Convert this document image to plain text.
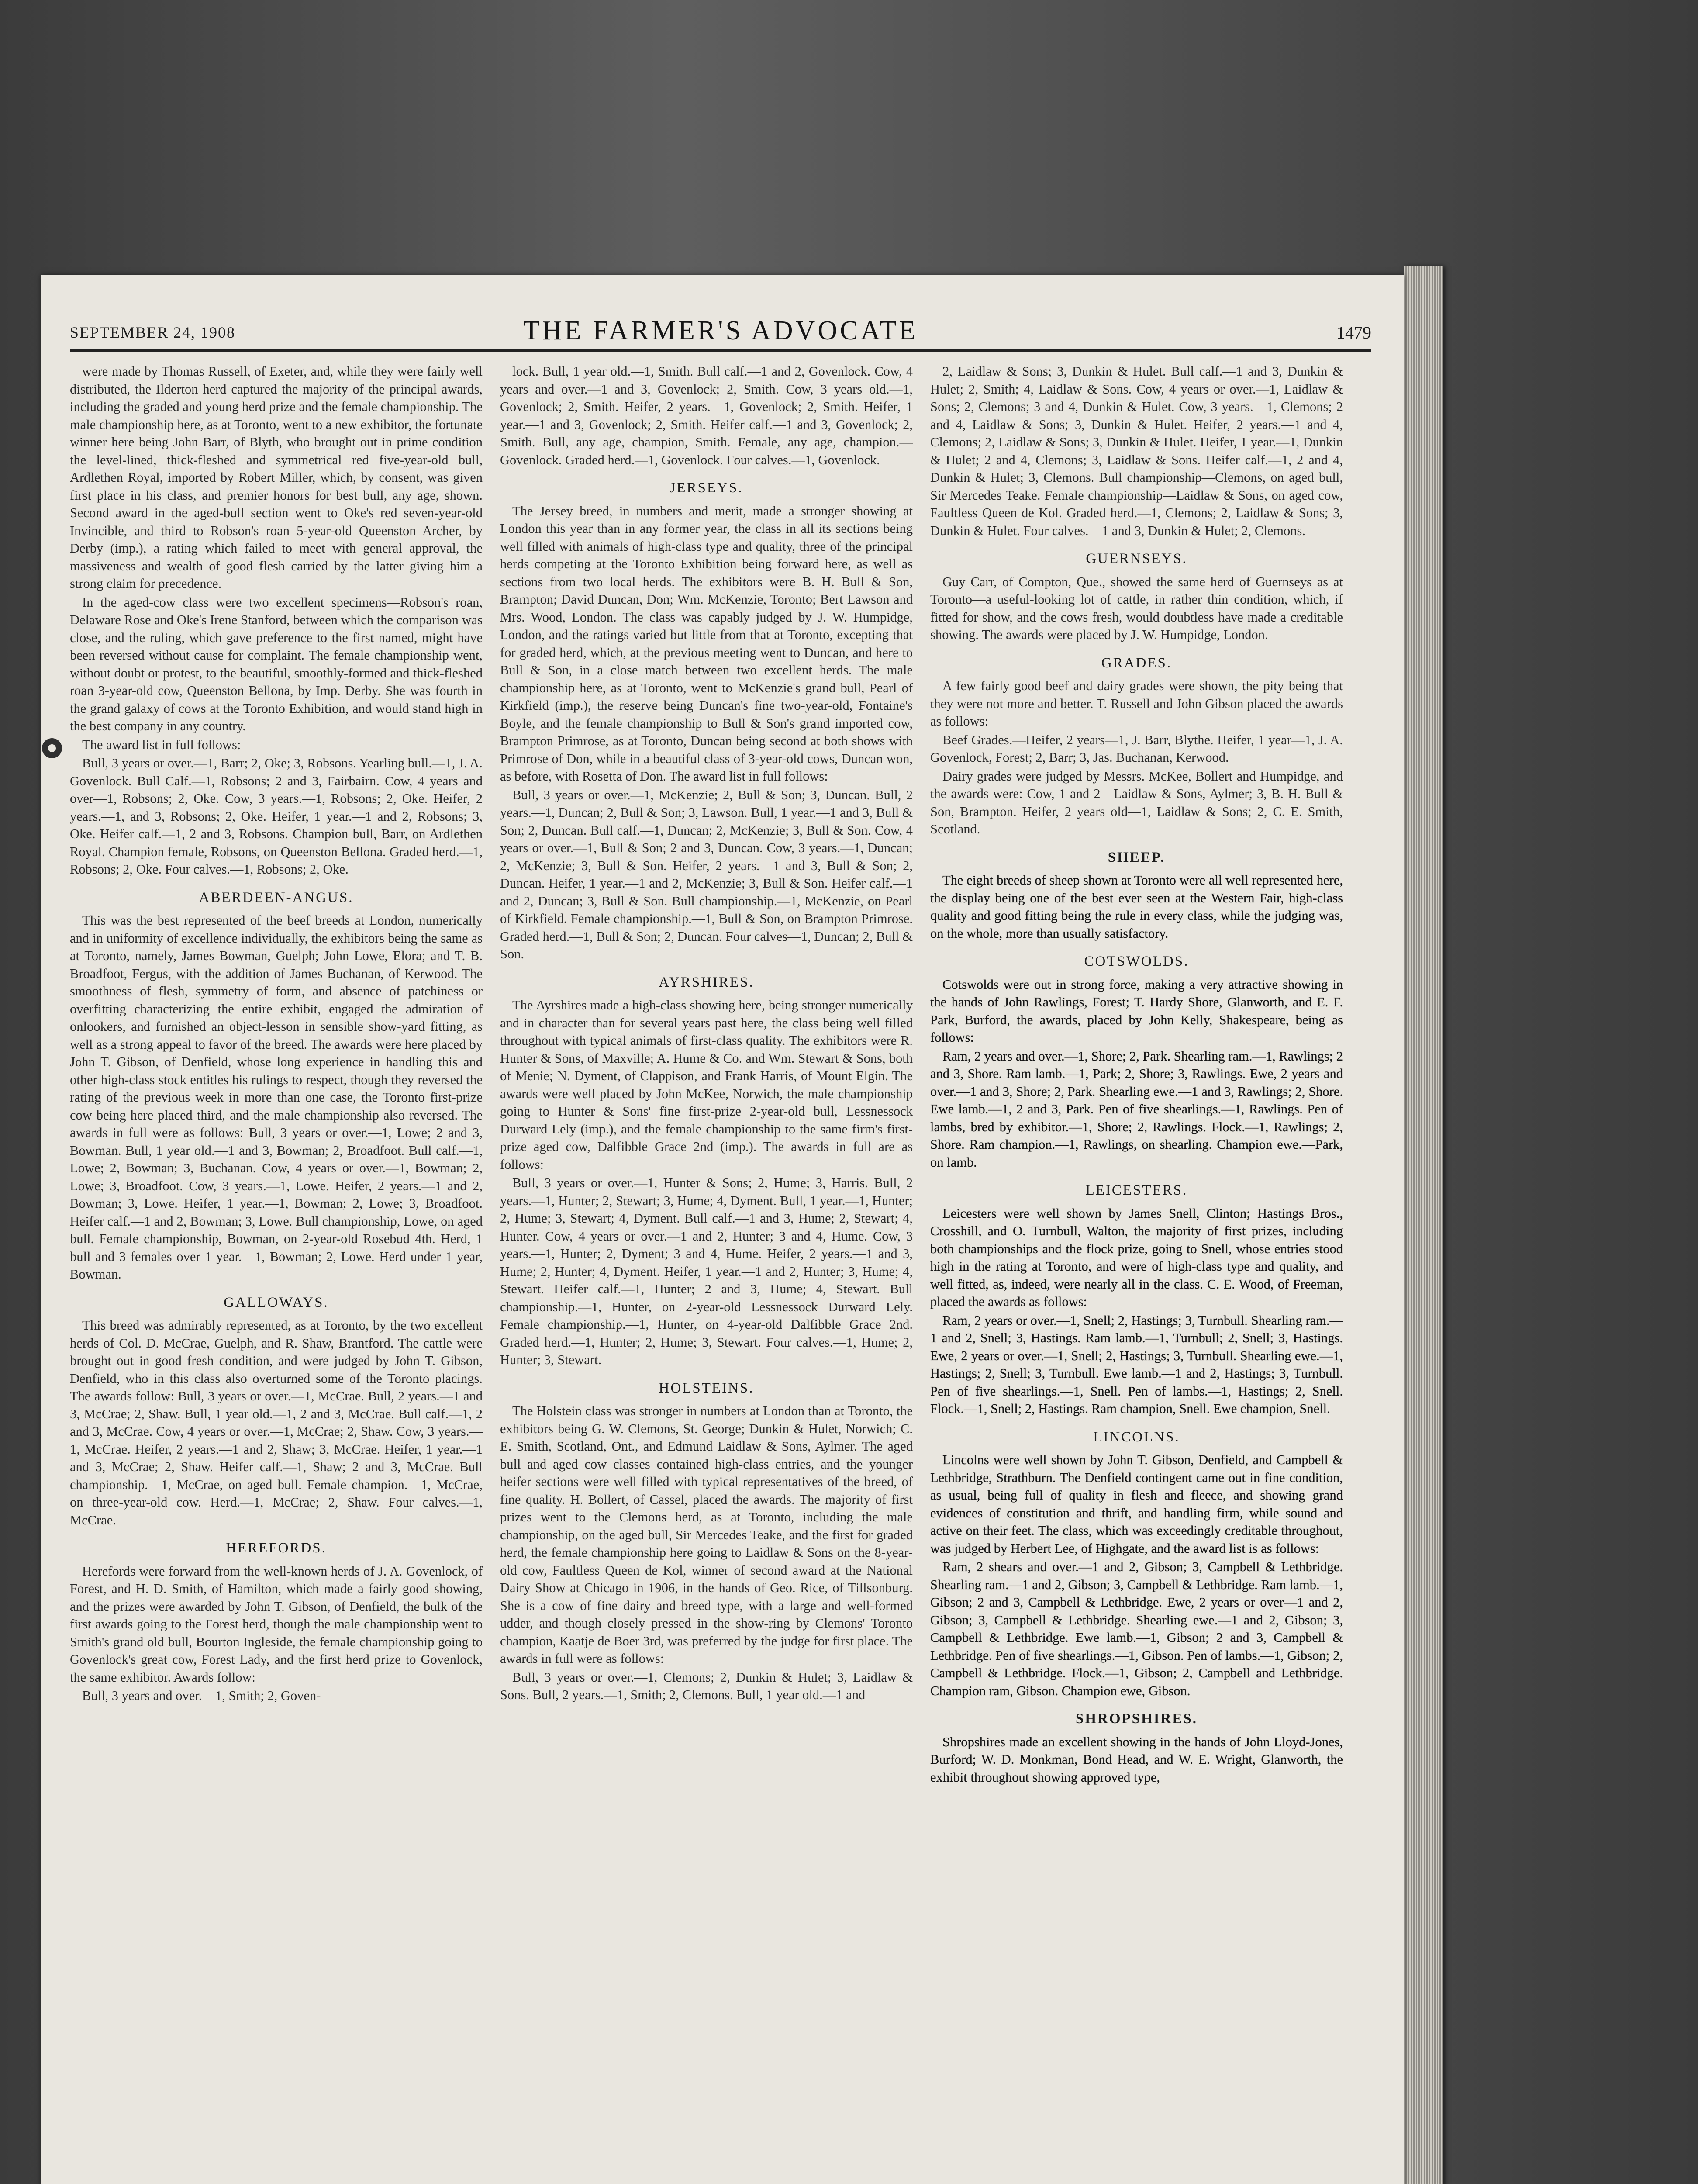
SEPTEMBER 24, 1908	THE FARMER'S ADVOCATE	1479

were made by Thomas Russell, of Exeter, and, while they were fairly well distributed, the Ilderton herd captured the majority of the principal awards, including the graded and young herd prize and the female championship. The male championship here, as at Toronto, went to a new exhibitor, the fortunate winner here being John Barr, of Blyth, who brought out in prime condition the level-lined, thick-fleshed and symmetrical red five-year-old bull, Ardlethen Royal, imported by Robert Miller, which, by consent, was given first place in his class, and premier honors for best bull, any age, shown. Second award in the aged-bull section went to Oke's red seven-year-old Invincible, and third to Robson's roan 5-year-old Queenston Archer, by Derby (imp.), a rating which failed to meet with general approval, the massiveness and wealth of good flesh carried by the latter giving him a strong claim for precedence.

In the aged-cow class were two excellent specimens—Robson's roan, Delaware Rose and Oke's Irene Stanford, between which the comparison was close, and the ruling, which gave preference to the first named, might have been reversed without cause for complaint. The female championship went, without doubt or protest, to the beautiful, smoothly-formed and thick-fleshed roan 3-year-old cow, Queenston Bellona, by Imp. Derby. She was fourth in the grand galaxy of cows at the Toronto Exhibition, and would stand high in the best company in any country.

The award list in full follows:

Bull, 3 years or over.—1, Barr; 2, Oke; 3, Robsons. Yearling bull.—1, J. A. Govenlock. Bull Calf.—1, Robsons; 2 and 3, Fairbairn. Cow, 4 years and over—1, Robsons; 2, Oke. Cow, 3 years.—1, Robsons; 2, Oke. Heifer, 2 years.—1, and 3, Robsons; 2, Oke. Heifer, 1 year.—1 and 2, Robsons; 3, Oke. Heifer calf.—1, 2 and 3, Robsons. Champion bull, Barr, on Ardlethen Royal. Champion female, Robsons, on Queenston Bellona. Graded herd.—1, Robsons; 2, Oke. Four calves.—1, Robsons; 2, Oke.

ABERDEEN-ANGUS.

This was the best represented of the beef breeds at London, numerically and in uniformity of excellence individually, the exhibitors being the same as at Toronto, namely, James Bowman, Guelph; John Lowe, Elora; and T. B. Broadfoot, Fergus, with the addition of James Buchanan, of Kerwood. The smoothness of flesh, symmetry of form, and absence of patchiness or overfitting characterizing the entire exhibit, engaged the admiration of onlookers, and furnished an object-lesson in sensible show-yard fitting, as well as a strong appeal to favor of the breed. The awards were here placed by John T. Gibson, of Denfield, whose long experience in handling this and other high-class stock entitles his rulings to respect, though they reversed the rating of the previous week in more than one case, the Toronto first-prize cow being here placed third, and the male championship also reversed. The awards in full were as follows: Bull, 3 years or over.—1, Lowe; 2 and 3, Bowman. Bull, 1 year old.—1 and 3, Bowman; 2, Broadfoot. Bull calf.—1, Lowe; 2, Bowman; 3, Buchanan. Cow, 4 years or over.—1, Bowman; 2, Lowe; 3, Broadfoot. Cow, 3 years.—1, Lowe. Heifer, 2 years.—1 and 2, Bowman; 3, Lowe. Heifer, 1 year.—1, Bowman; 2, Lowe; 3, Broadfoot. Heifer calf.—1 and 2, Bowman; 3, Lowe. Bull championship, Lowe, on aged bull. Female championship, Bowman, on 2-year-old Rosebud 4th. Herd, 1 bull and 3 females over 1 year.—1, Bowman; 2, Lowe. Herd under 1 year, Bowman.

GALLOWAYS.

This breed was admirably represented, as at Toronto, by the two excellent herds of Col. D. McCrae, Guelph, and R. Shaw, Brantford. The cattle were brought out in good fresh condition, and were judged by John T. Gibson, Denfield, who in this class also overturned some of the Toronto placings. The awards follow: Bull, 3 years or over.—1, McCrae. Bull, 2 years.—1 and 3, McCrae; 2, Shaw. Bull, 1 year old.—1, 2 and 3, McCrae. Bull calf.—1, 2 and 3, McCrae. Cow, 4 years or over.—1, McCrae; 2, Shaw. Cow, 3 years.—1, McCrae. Heifer, 2 years.—1 and 2, Shaw; 3, McCrae. Heifer, 1 year.—1 and 3, McCrae; 2, Shaw. Heifer calf.—1, Shaw; 2 and 3, McCrae. Bull championship.—1, McCrae, on aged bull. Female champion.—1, McCrae, on three-year-old cow. Herd.—1, McCrae; 2, Shaw. Four calves.—1, McCrae.

HEREFORDS.

Herefords were forward from the well-known herds of J. A. Govenlock, of Forest, and H. D. Smith, of Hamilton, which made a fairly good showing, and the prizes were awarded by John T. Gibson, of Denfield, the bulk of the first awards going to the Forest herd, though the male championship went to Smith's grand old bull, Bourton Ingleside, the female championship going to Govenlock's great cow, Forest Lady, and the first herd prize to Govenlock, the same exhibitor. Awards follow:

Bull, 3 years and over.—1, Smith; 2, Goven-

lock. Bull, 1 year old.—1, Smith. Bull calf.—1 and 2, Govenlock. Cow, 4 years and over.—1 and 3, Govenlock; 2, Smith. Cow, 3 years old.—1, Govenlock; 2, Smith. Heifer, 2 years.—1, Govenlock; 2, Smith. Heifer, 1 year.—1 and 3, Govenlock; 2, Smith. Heifer calf.—1 and 3, Govenlock; 2, Smith. Bull, any age, champion, Smith. Female, any age, champion.—Govenlock. Graded herd.—1, Govenlock. Four calves.—1, Govenlock.

JERSEYS.

The Jersey breed, in numbers and merit, made a stronger showing at London this year than in any former year, the class in all its sections being well filled with animals of high-class type and quality, three of the principal herds competing at the Toronto Exhibition being forward here, as well as sections from two local herds. The exhibitors were B. H. Bull & Son, Brampton; David Duncan, Don; Wm. McKenzie, Toronto; Bert Lawson and Mrs. Wood, London. The class was capably judged by J. W. Humpidge, London, and the ratings varied but little from that at Toronto, excepting that for graded herd, which, at the previous meeting went to Duncan, and here to Bull & Son, in a close match between two excellent herds. The male championship here, as at Toronto, went to McKenzie's grand bull, Pearl of Kirkfield (imp.), the reserve being Duncan's fine two-year-old, Fontaine's Boyle, and the female championship to Bull & Son's grand imported cow, Brampton Primrose, as at Toronto, Duncan being second at both shows with Primrose of Don, while in a beautiful class of 3-year-old cows, Duncan won, as before, with Rosetta of Don. The award list in full follows:

Bull, 3 years or over.—1, McKenzie; 2, Bull & Son; 3, Duncan. Bull, 2 years.—1, Duncan; 2, Bull & Son; 3, Lawson. Bull, 1 year.—1 and 3, Bull & Son; 2, Duncan. Bull calf.—1, Duncan; 2, McKenzie; 3, Bull & Son. Cow, 4 years or over.—1, Bull & Son; 2 and 3, Duncan. Cow, 3 years.—1, Duncan; 2, McKenzie; 3, Bull & Son. Heifer, 2 years.—1 and 3, Bull & Son; 2, Duncan. Heifer, 1 year.—1 and 2, McKenzie; 3, Bull & Son. Heifer calf.—1 and 2, Duncan; 3, Bull & Son. Bull championship.—1, McKenzie, on Pearl of Kirkfield. Female championship.—1, Bull & Son, on Brampton Primrose. Graded herd.—1, Bull & Son; 2, Duncan. Four calves—1, Duncan; 2, Bull & Son.

AYRSHIRES.

The Ayrshires made a high-class showing here, being stronger numerically and in character than for several years past here, the class being well filled throughout with typical animals of first-class quality. The exhibitors were R. Hunter & Sons, of Maxville; A. Hume & Co. and Wm. Stewart & Sons, both of Menie; N. Dyment, of Clappison, and Frank Harris, of Mount Elgin. The awards were well placed by John McKee, Norwich, the male championship going to Hunter & Sons' fine first-prize 2-year-old bull, Lessnessock Durward Lely (imp.), and the female championship to the same firm's first-prize aged cow, Dalfibble Grace 2nd (imp.). The awards in full are as follows:

Bull, 3 years or over.—1, Hunter & Sons; 2, Hume; 3, Harris. Bull, 2 years.—1, Hunter; 2, Stewart; 3, Hume; 4, Dyment. Bull, 1 year.—1, Hunter; 2, Hume; 3, Stewart; 4, Dyment. Bull calf.—1 and 3, Hume; 2, Stewart; 4, Hunter. Cow, 4 years or over.—1 and 2, Hunter; 3 and 4, Hume. Cow, 3 years.—1, Hunter; 2, Dyment; 3 and 4, Hume. Heifer, 2 years.—1 and 3, Hume; 2, Hunter; 4, Dyment. Heifer, 1 year.—1 and 2, Hunter; 3, Hume; 4, Stewart. Heifer calf.—1, Hunter; 2 and 3, Hume; 4, Stewart. Bull championship.—1, Hunter, on 2-year-old Lessnessock Durward Lely. Female championship.—1, Hunter, on 4-year-old Dalfibble Grace 2nd. Graded herd.—1, Hunter; 2, Hume; 3, Stewart. Four calves.—1, Hume; 2, Hunter; 3, Stewart.

HOLSTEINS.

The Holstein class was stronger in numbers at London than at Toronto, the exhibitors being G. W. Clemons, St. George; Dunkin & Hulet, Norwich; C. E. Smith, Scotland, Ont., and Edmund Laidlaw & Sons, Aylmer. The aged bull and aged cow classes contained high-class entries, and the younger heifer sections were well filled with typical representatives of the breed, of fine quality. H. Bollert, of Cassel, placed the awards. The majority of first prizes went to the Clemons herd, as at Toronto, including the male championship, on the aged bull, Sir Mercedes Teake, and the first for graded herd, the female championship here going to Laidlaw & Sons on the 8-year-old cow, Faultless Queen de Kol, winner of second award at the National Dairy Show at Chicago in 1906, in the hands of Geo. Rice, of Tillsonburg. She is a cow of fine dairy and breed type, with a large and well-formed udder, and though closely pressed in the show-ring by Clemons' Toronto champion, Kaatje de Boer 3rd, was preferred by the judge for first place. The awards in full were as follows:

Bull, 3 years or over.—1, Clemons; 2, Dunkin & Hulet; 3, Laidlaw & Sons. Bull, 2 years.—1, Smith; 2, Clemons. Bull, 1 year old.—1 and

2, Laidlaw & Sons; 3, Dunkin & Hulet. Bull calf.—1 and 3, Dunkin & Hulet; 2, Smith; 4, Laidlaw & Sons. Cow, 4 years or over.—1, Laidlaw & Sons; 2, Clemons; 3 and 4, Dunkin & Hulet. Cow, 3 years.—1, Clemons; 2 and 4, Laidlaw & Sons; 3, Dunkin & Hulet. Heifer, 2 years.—1 and 4, Clemons; 2, Laidlaw & Sons; 3, Dunkin & Hulet. Heifer, 1 year.—1, Dunkin & Hulet; 2 and 4, Clemons; 3, Laidlaw & Sons. Heifer calf.—1, 2 and 4, Dunkin & Hulet; 3, Clemons. Bull championship—Clemons, on aged bull, Sir Mercedes Teake. Female championship—Laidlaw & Sons, on aged cow, Faultless Queen de Kol. Graded herd.—1, Clemons; 2, Laidlaw & Sons; 3, Dunkin & Hulet. Four calves.—1 and 3, Dunkin & Hulet; 2, Clemons.

GUERNSEYS.

Guy Carr, of Compton, Que., showed the same herd of Guernseys as at Toronto—a useful-looking lot of cattle, in rather thin condition, which, if fitted for show, and the cows fresh, would doubtless have made a creditable showing. The awards were placed by J. W. Humpidge, London.

GRADES.

A few fairly good beef and dairy grades were shown, the pity being that they were not more and better. T. Russell and John Gibson placed the awards as follows:

Beef Grades.—Heifer, 2 years—1, J. Barr, Blythe. Heifer, 1 year—1, J. A. Govenlock, Forest; 2, Barr; 3, Jas. Buchanan, Kerwood.

Dairy grades were judged by Messrs. McKee, Bollert and Humpidge, and the awards were: Cow, 1 and 2—Laidlaw & Sons, Aylmer; 3, B. H. Bull & Son, Brampton. Heifer, 2 years old—1, Laidlaw & Sons; 2, C. E. Smith, Scotland.

SHEEP.

The eight breeds of sheep shown at Toronto were all well represented here, the display being one of the best ever seen at the Western Fair, high-class quality and good fitting being the rule in every class, while the judging was, on the whole, more than usually satisfactory.

COTSWOLDS.

Cotswolds were out in strong force, making a very attractive showing in the hands of John Rawlings, Forest; T. Hardy Shore, Glanworth, and E. F. Park, Burford, the awards, placed by John Kelly, Shakespeare, being as follows:

Ram, 2 years and over.—1, Shore; 2, Park. Shearling ram.—1, Rawlings; 2 and 3, Shore. Ram lamb.—1, Park; 2, Shore; 3, Rawlings. Ewe, 2 years and over.—1 and 3, Shore; 2, Park. Shearling ewe.—1 and 3, Rawlings; 2, Shore. Ewe lamb.—1, 2 and 3, Park. Pen of five shearlings.—1, Rawlings. Pen of lambs, bred by exhibitor.—1, Shore; 2, Rawlings. Flock.—1, Rawlings; 2, Shore. Ram champion.—1, Rawlings, on shearling. Champion ewe.—Park, on lamb.

LEICESTERS.

Leicesters were well shown by James Snell, Clinton; Hastings Bros., Crosshill, and O. Turnbull, Walton, the majority of first prizes, including both championships and the flock prize, going to Snell, whose entries stood high in the rating at Toronto, and were of high-class type and quality, and well fitted, as, indeed, were nearly all in the class. C. E. Wood, of Freeman, placed the awards as follows:

Ram, 2 years or over.—1, Snell; 2, Hastings; 3, Turnbull. Shearling ram.—1 and 2, Snell; 3, Hastings. Ram lamb.—1, Turnbull; 2, Snell; 3, Hastings. Ewe, 2 years or over.—1, Snell; 2, Hastings; 3, Turnbull. Shearling ewe.—1, Hastings; 2, Snell; 3, Turnbull. Ewe lamb.—1 and 2, Hastings; 3, Turnbull. Pen of five shearlings.—1, Snell. Pen of lambs.—1, Hastings; 2, Snell. Flock.—1, Snell; 2, Hastings. Ram champion, Snell. Ewe champion, Snell.

LINCOLNS.

Lincolns were well shown by John T. Gibson, Denfield, and Campbell & Lethbridge, Strathburn. The Denfield contingent came out in fine condition, as usual, being full of quality in flesh and fleece, and showing grand evidences of constitution and thrift, and handling firm, while sound and active on their feet. The class, which was exceedingly creditable throughout, was judged by Herbert Lee, of Highgate, and the award list is as follows:

Ram, 2 shears and over.—1 and 2, Gibson; 3, Campbell & Lethbridge. Shearling ram.—1 and 2, Gibson; 3, Campbell & Lethbridge. Ram lamb.—1, Gibson; 2 and 3, Campbell & Lethbridge. Ewe, 2 years or over—1 and 2, Gibson; 3, Campbell & Lethbridge. Shearling ewe.—1 and 2, Gibson; 3, Campbell & Lethbridge. Ewe lamb.—1, Gibson; 2 and 3, Campbell & Lethbridge. Pen of five shearlings.—1, Gibson. Pen of lambs.—1, Gibson; 2, Campbell & Lethbridge. Flock.—1, Gibson; 2, Campbell and Lethbridge. Champion ram, Gibson. Champion ewe, Gibson.

SHROPSHIRES.

Shropshires made an excellent showing in the hands of John Lloyd-Jones, Burford; W. D. Monkman, Bond Head, and W. E. Wright, Glanworth, the exhibit throughout showing approved type,
